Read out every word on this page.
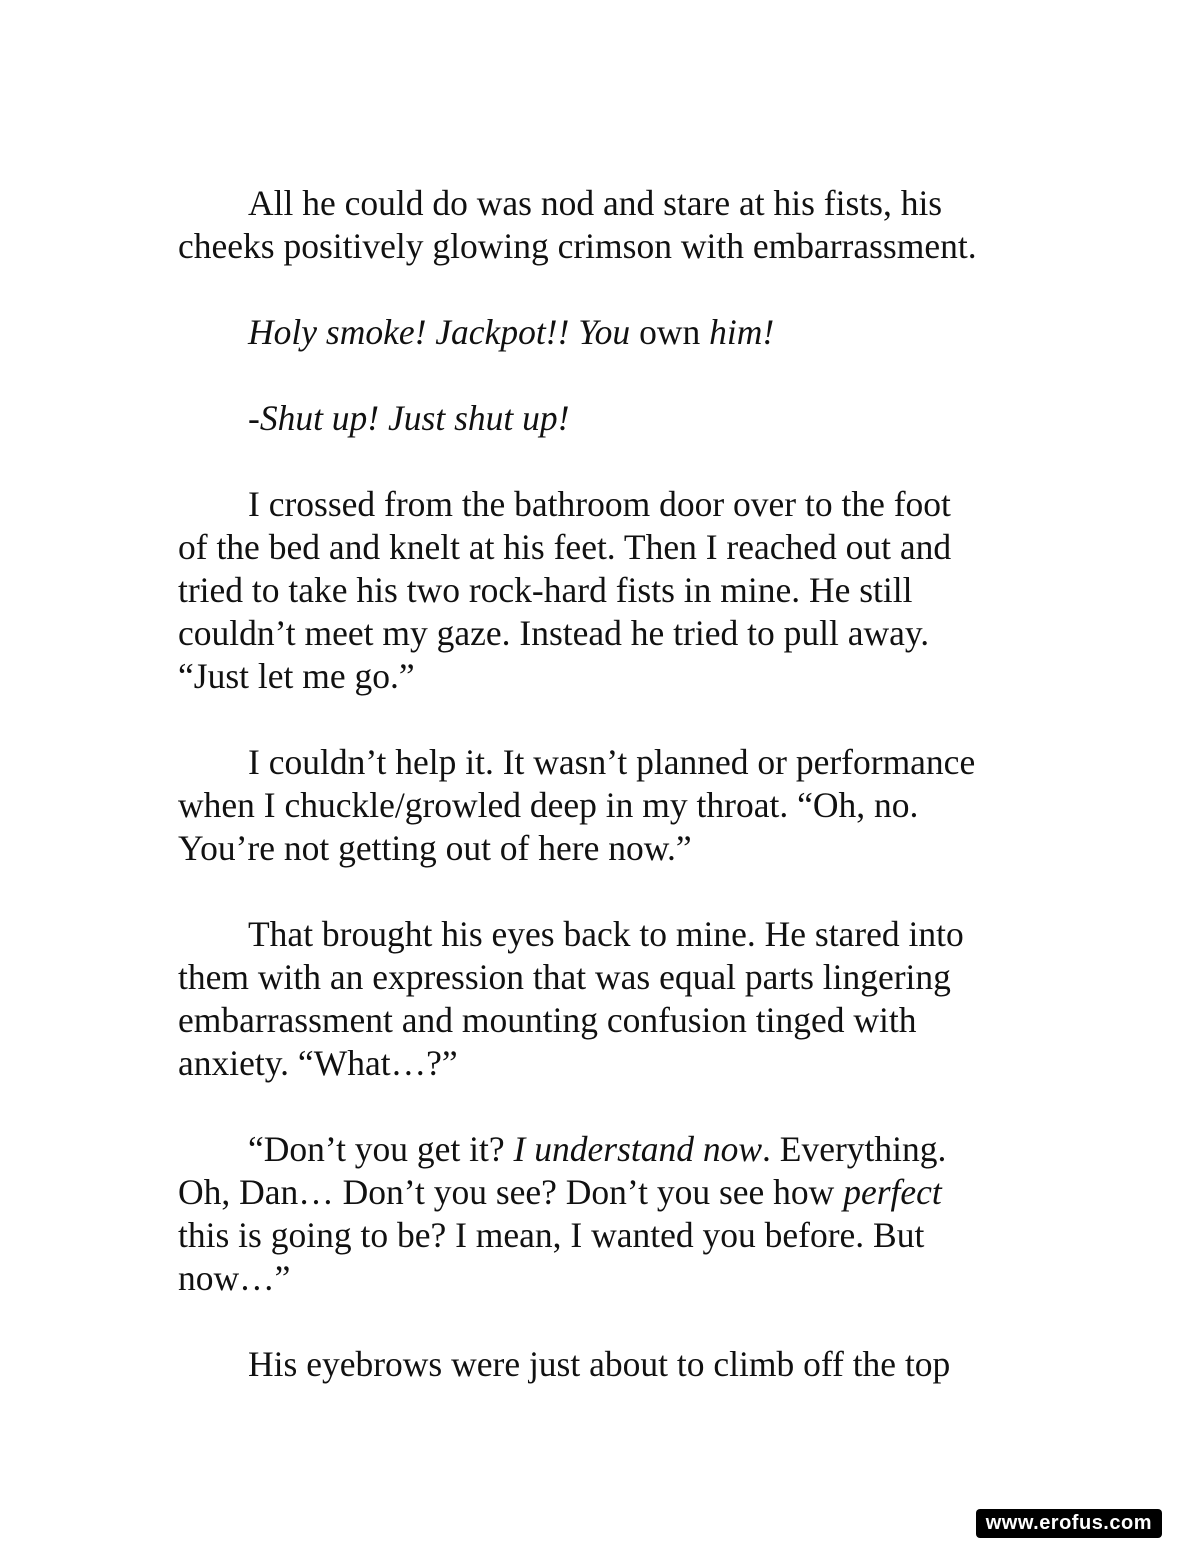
All he could do was nod and stare at his fists, his
cheeks positively glowing crimson with embarrassment.

Holy smoke! Jackpot!! You own him!

-Shut up! Just shut up!

I crossed from the bathroom door over to the foot
of the bed and knelt at his feet. Then I reached out and
tried to take his two rock-hard fists in mine. He still
couldn’t meet my gaze. Instead he tried to pull away.
“Just let me go.”

I couldn’t help it. It wasn’t planned or performance
when I chuckle/growled deep in my throat. “Oh, no.
You’re not getting out of here now.”

That brought his eyes back to mine. He stared into
them with an expression that was equal parts lingering
embarrassment and mounting confusion tinged with
anxiety. “What…?”

“Don’t you get it? I understand now. Everything.
Oh, Dan… Don’t you see? Don’t you see how perfect
this is going to be? I mean, I wanted you before. But
now…”

His eyebrows were just about to climb off the top

www.erofus.com
